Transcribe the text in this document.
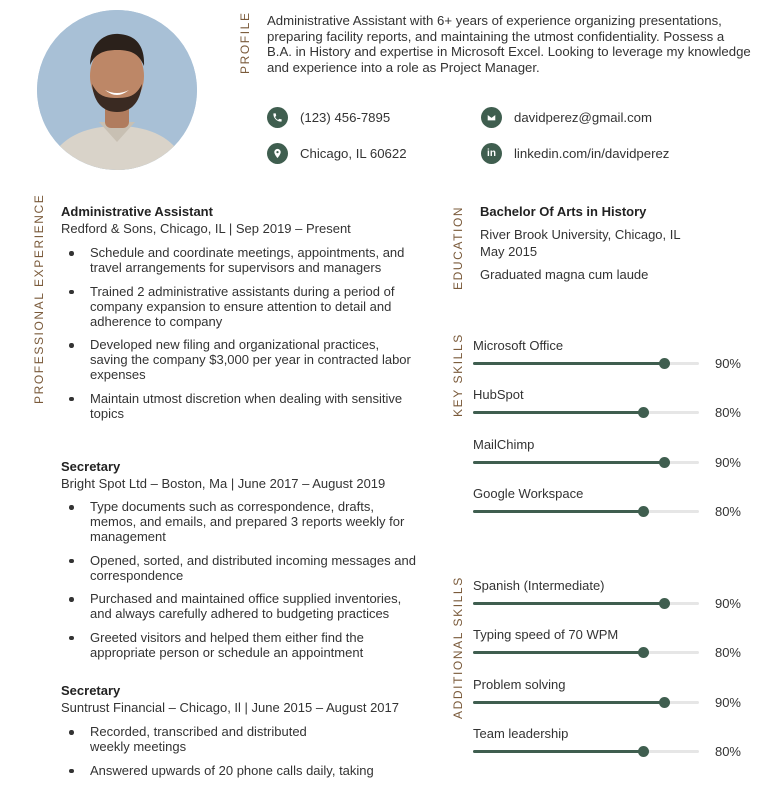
PROFILE Administrative Assistant with 6+ years of experience organizing presentations, preparing facility reports, and maintaining the utmost confidentiality. Possess a B.A. in History and expertise in Microsoft Excel. Looking to leverage my knowledge and experience into a role as Project Manager.
(123) 456-7895	davidperez@gmail.com
Chicago, IL 60622	in	linkedin.com/in/davidperez
PROFESSIONAL EXPERIENCE Administrative Assistant
Redford & Sons, Chicago, IL | Sep 2019 – Present
Schedule and coordinate meetings, appointments, and travel arrangements for supervisors and managers
Trained 2 administrative assistants during a period of company expansion to ensure attention to detail and adherence to company
Developed new filing and organizational practices, saving the company $3,000 per year in contracted labor expenses
Maintain utmost discretion when dealing with sensitive topics
Secretary
Bright Spot Ltd – Boston, Ma | June 2017 – August 2019
Type documents such as correspondence, drafts, memos, and emails, and prepared 3 reports weekly for management
Opened, sorted, and distributed incoming messages and correspondence
Purchased and maintained office supplied inventories, and always carefully adhered to budgeting practices
Greeted visitors and helped them either find the appropriate person or schedule an appointment
Secretary
Suntrust Financial – Chicago, Il | June 2015 – August 2017
Recorded, transcribed and distributed weekly meetings
Answered upwards of 20 phone calls daily, taking
EDUCATION Bachelor Of Arts in History
River Brook University, Chicago, IL
May 2015
Graduated magna cum laude
KEY SKILLS Microsoft Office
90%
HubSpot
80%
MailChimp
90%
Google Workspace
80%
ADDITIONAL SKILLS Spanish (Intermediate)
90%
Typing speed of 70 WPM
80%
Problem solving
90%
Team leadership
80%
